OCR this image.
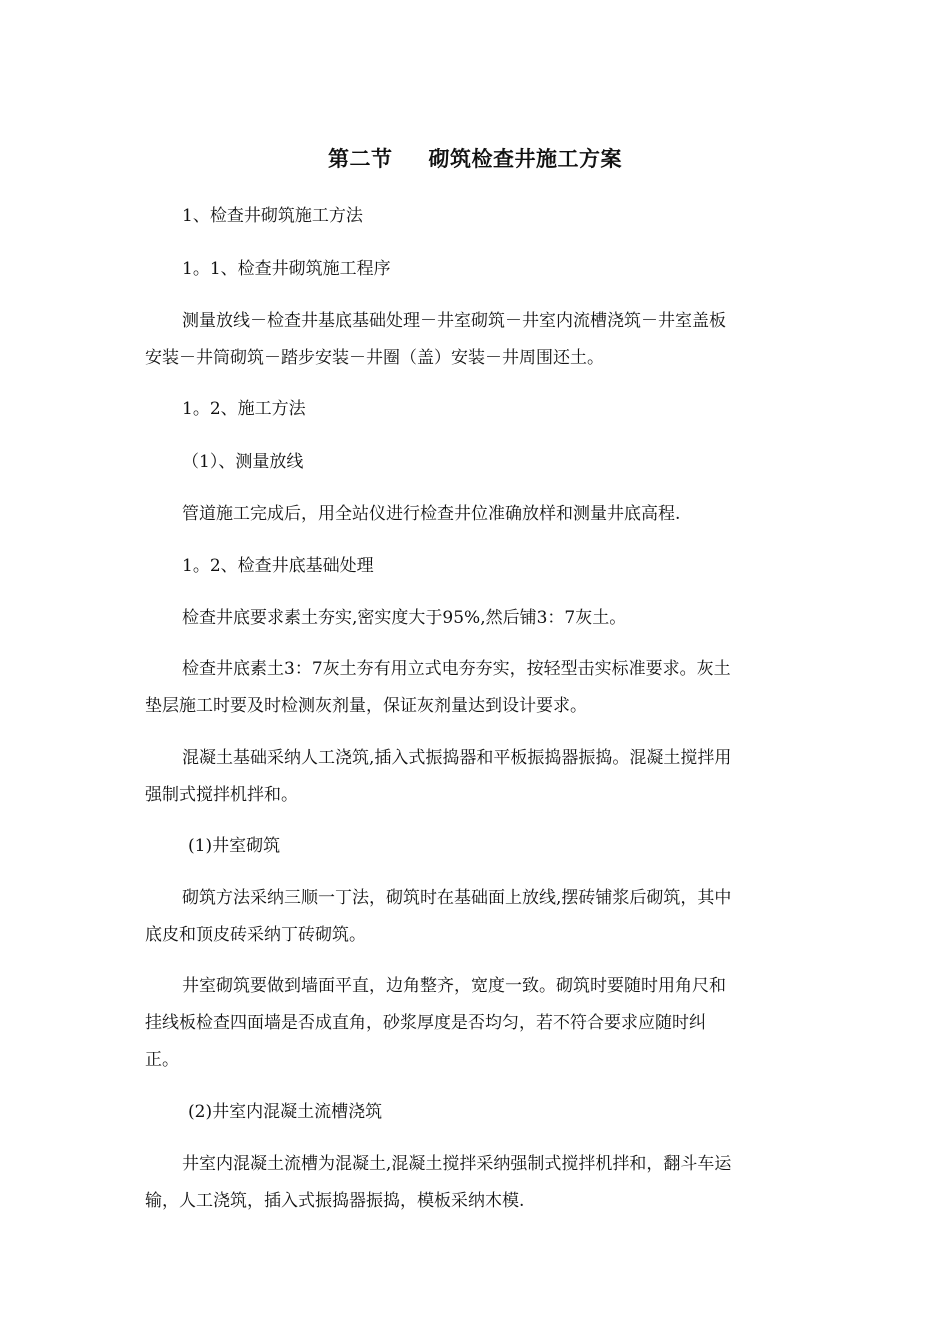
第二节 砌筑检查井施工方案
1、检查井砌筑施工方法
1。1、检查井砌筑施工程序
测量放线－检查井基底基础处理－井室砌筑－井室内流槽浇筑－井室盖板
安装－井筒砌筑－踏步安装－井圈（盖）安装－井周围还土。
1。2、施工方法
（1）、测量放线
管道施工完成后，用全站仪进行检查井位准确放样和测量井底高程.
1。2、检查井底基础处理
检查井底要求素土夯实,密实度大于95%,然后铺3：7灰土。
检查井底素土3：7灰土夯有用立式电夯夯实，按轻型击实标准要求。灰土
垫层施工时要及时检测灰剂量，保证灰剂量达到设计要求。
混凝土基础采纳人工浇筑,插入式振捣器和平板振捣器振捣。混凝土搅拌用
强制式搅拌机拌和。
(1)井室砌筑
砌筑方法采纳三顺一丁法，砌筑时在基础面上放线,摆砖铺浆后砌筑，其中
底皮和顶皮砖采纳丁砖砌筑。
井室砌筑要做到墙面平直，边角整齐，宽度一致。砌筑时要随时用角尺和
挂线板检查四面墙是否成直角，砂浆厚度是否均匀，若不符合要求应随时纠
正。
(2)井室内混凝土流槽浇筑
井室内混凝土流槽为混凝土,混凝土搅拌采纳强制式搅拌机拌和，翻斗车运
输，人工浇筑，插入式振捣器振捣，模板采纳木模.
